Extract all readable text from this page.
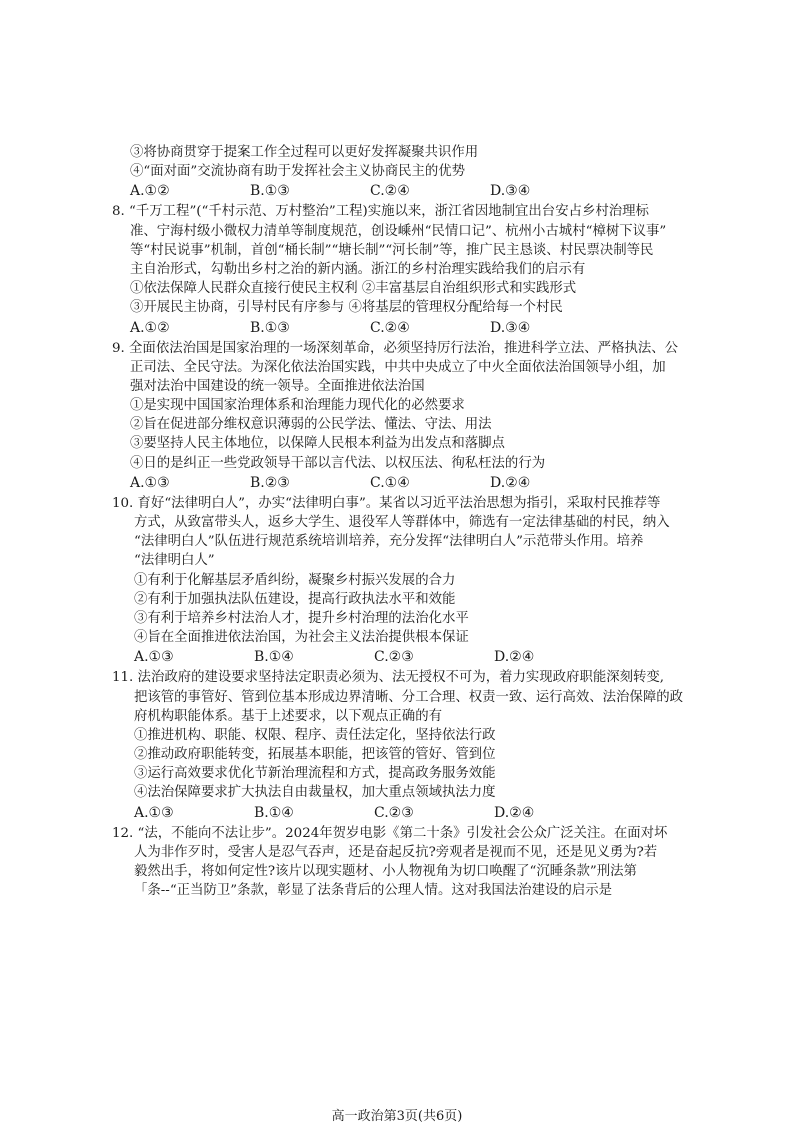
③将协商贯穿于提案工作全过程可以更好发挥凝聚共识作用
④“面对面”交流协商有助于发挥社会主义协商民主的优势
A.①②	B.①③	C.②④	D.③④
8. “千万工程”(“千村示范、万村整治”工程)实施以来，浙江省因地制宜出台安占乡村治理标
准、宁海村级小微权力清单等制度规范，创设嵊州“民情口记”、杭州小古城村“樟树下议事”
等“村民说事”机制，首创“桶长制”“塘长制”“河长制”等，推广民主恳谈、村民票决制等民
主自治形式，勾勒出乡村之治的新内涵。浙江的乡村治理实践给我们的启示有
①依法保障人民群众直接行使民主权利 ②丰富基层自治组织形式和实践形式
③开展民主协商，引导村民有序参与 ④将基层的管理权分配给每一个村民
A.①②	B.①③	C.②④	D.③④
9. 全面依法治国是国家治理的一场深刻革命，必须坚持厉行法治，推进科学立法、严格执法、公
正司法、全民守法。为深化依法治国实践，中共中央成立了中火全面依法治国领导小组，加
强对法治中国建设的统一领导。全面推进依法治国
①是实现中国国家治理体系和治理能力现代化的必然要求
②旨在促进部分维权意识薄弱的公民学法、懂法、守法、用法
③要坚持人民主体地位，以保障人民根本利益为出发点和落脚点
④日的是纠正一些党政领导干部以言代法、以权压法、徇私枉法的行为
A.①③	B.②③	C.①④	D.②④
10. 育好“法律明白人”，办实“法律明白事”。某省以习近平法治思想为指引，采取村民推荐等
方式，从致富带头人，返乡大学生、退役军人等群体中，筛选有一定法律基础的村民，纳入
“法律明白人”队伍进行规范系统培训培养，充分发挥“法律明白人”示范带头作用。培养
“法律明白人”
①有利于化解基层矛盾纠纷，凝聚乡村振兴发展的合力
②有利于加强执法队伍建设，提高行政执法水平和效能
③有利于培养乡村法治人才，提升乡村治理的法治化水平
④旨在全面推进依法治国，为社会主义法治提供根本保证
A.①③	B.①④	C.②③	D.②④
11. 法治政府的建设要求坚持法定职责必须为、法无授权不可为，着力实现政府职能深刻转变,
把该管的事管好、管到位基本形成边界清晰、分工合理、权责一致、运行高效、法治保障的政
府机构职能体系。基于上述要求，以下观点正确的有
①推进机构、职能、权限、程序、责任法定化，坚持依法行政
②推动政府职能转变，拓展基本职能，把该管的管好、管到位
③运行高效要求优化节新治理流程和方式，提高政务服务效能
④法治保障要求扩大执法自由裁量权，加大重点领域执法力度
A.①③	B.①④	C.②③	D.②④
12. “法，不能向不法让步”。2024年贺岁电影《第二十条》引发社会公众广泛关注。在面对坏
人为非作歹时，受害人是忍气吞声，还是奋起反抗?旁观者是视而不见，还是见义勇为?若
毅然出手，将如何定性?该片以现实题材、小人物视角为切口唤醒了“沉睡条款”刑法第
「条--“正当防卫”条款，彰显了法条背后的公理人情。这对我国法治建设的启示是
高一政治第3页(共6页)
